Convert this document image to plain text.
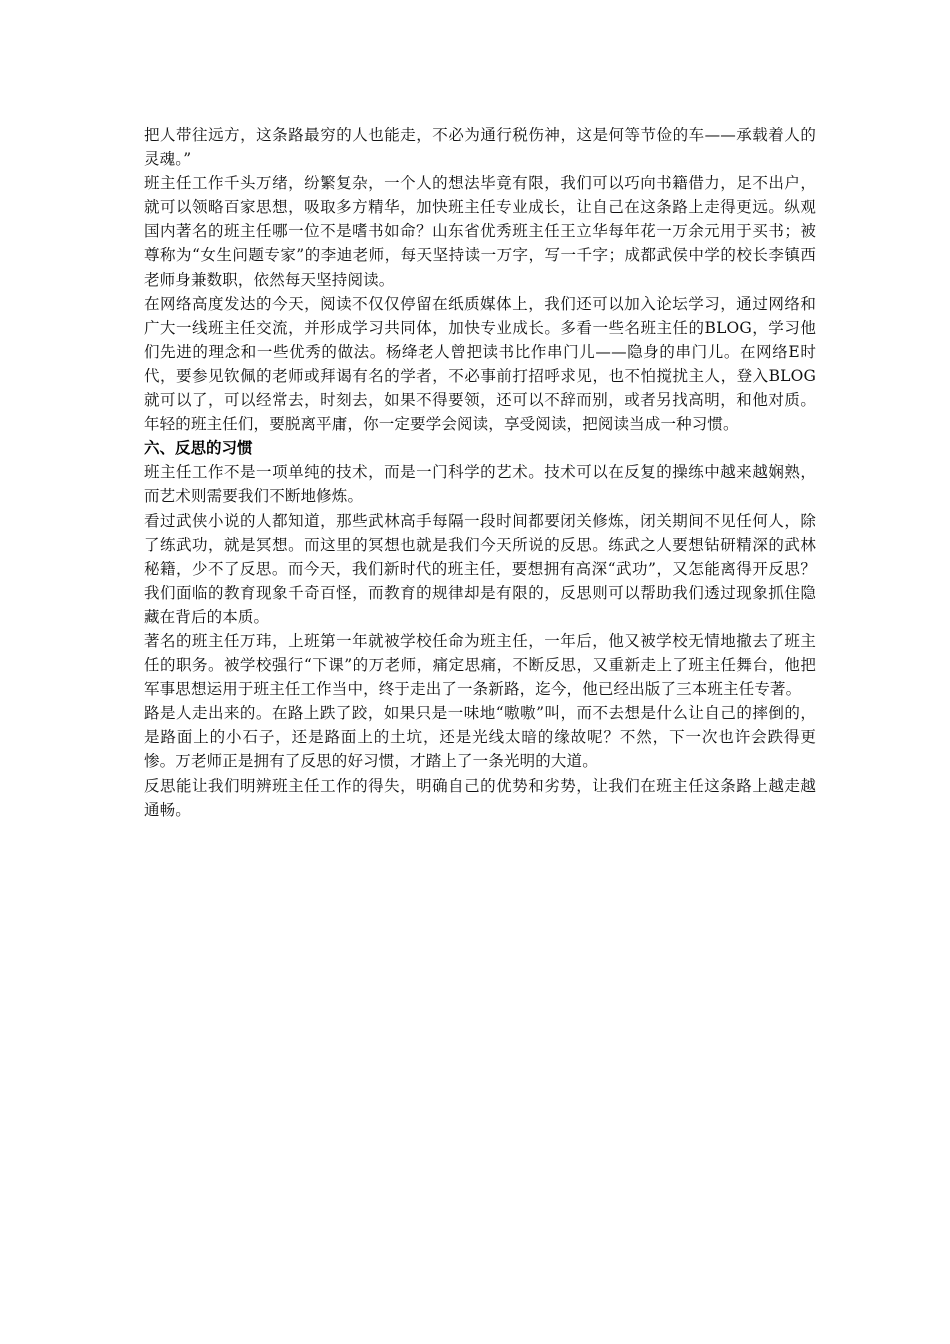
把人带往远方，这条路最穷的人也能走，不必为通行税伤神，这是何等节俭的车——承载着人的灵魂。”

班主任工作千头万绪，纷繁复杂，一个人的想法毕竟有限，我们可以巧向书籍借力，足不出户，就可以领略百家思想，吸取多方精华，加快班主任专业成长，让自己在这条路上走得更远。纵观国内著名的班主任哪一位不是嗜书如命？山东省优秀班主任王立华每年花一万余元用于买书；被尊称为“女生问题专家”的李迪老师，每天坚持读一万字，写一千字；成都武侯中学的校长李镇西老师身兼数职，依然每天坚持阅读。

在网络高度发达的今天，阅读不仅仅停留在纸质媒体上，我们还可以加入论坛学习，通过网络和广大一线班主任交流，并形成学习共同体，加快专业成长。多看一些名班主任的BLOG，学习他们先进的理念和一些优秀的做法。杨绛老人曾把读书比作串门儿——隐身的串门儿。在网络E时代，要参见钦佩的老师或拜谒有名的学者，不必事前打招呼求见，也不怕搅扰主人，登入BLOG就可以了，可以经常去，时刻去，如果不得要领，还可以不辞而别，或者另找高明，和他对质。年轻的班主任们，要脱离平庸，你一定要学会阅读，享受阅读，把阅读当成一种习惯。

六、反思的习惯

班主任工作不是一项单纯的技术，而是一门科学的艺术。技术可以在反复的操练中越来越娴熟，而艺术则需要我们不断地修炼。

看过武侠小说的人都知道，那些武林高手每隔一段时间都要闭关修炼，闭关期间不见任何人，除了练武功，就是冥想。而这里的冥想也就是我们今天所说的反思。练武之人要想钻研精深的武林秘籍，少不了反思。而今天，我们新时代的班主任，要想拥有高深“武功”，又怎能离得开反思？我们面临的教育现象千奇百怪，而教育的规律却是有限的，反思则可以帮助我们透过现象抓住隐藏在背后的本质。

著名的班主任万玮，上班第一年就被学校任命为班主任，一年后，他又被学校无情地撤去了班主任的职务。被学校强行“下课”的万老师，痛定思痛，不断反思，又重新走上了班主任舞台，他把军事思想运用于班主任工作当中，终于走出了一条新路，迄今，他已经出版了三本班主任专著。

路是人走出来的。在路上跌了跤，如果只是一味地“嗷嗷”叫，而不去想是什么让自己的摔倒的，是路面上的小石子，还是路面上的土坑，还是光线太暗的缘故呢？不然，下一次也许会跌得更惨。万老师正是拥有了反思的好习惯，才踏上了一条光明的大道。

反思能让我们明辨班主任工作的得失，明确自己的优势和劣势，让我们在班主任这条路上越走越通畅。
